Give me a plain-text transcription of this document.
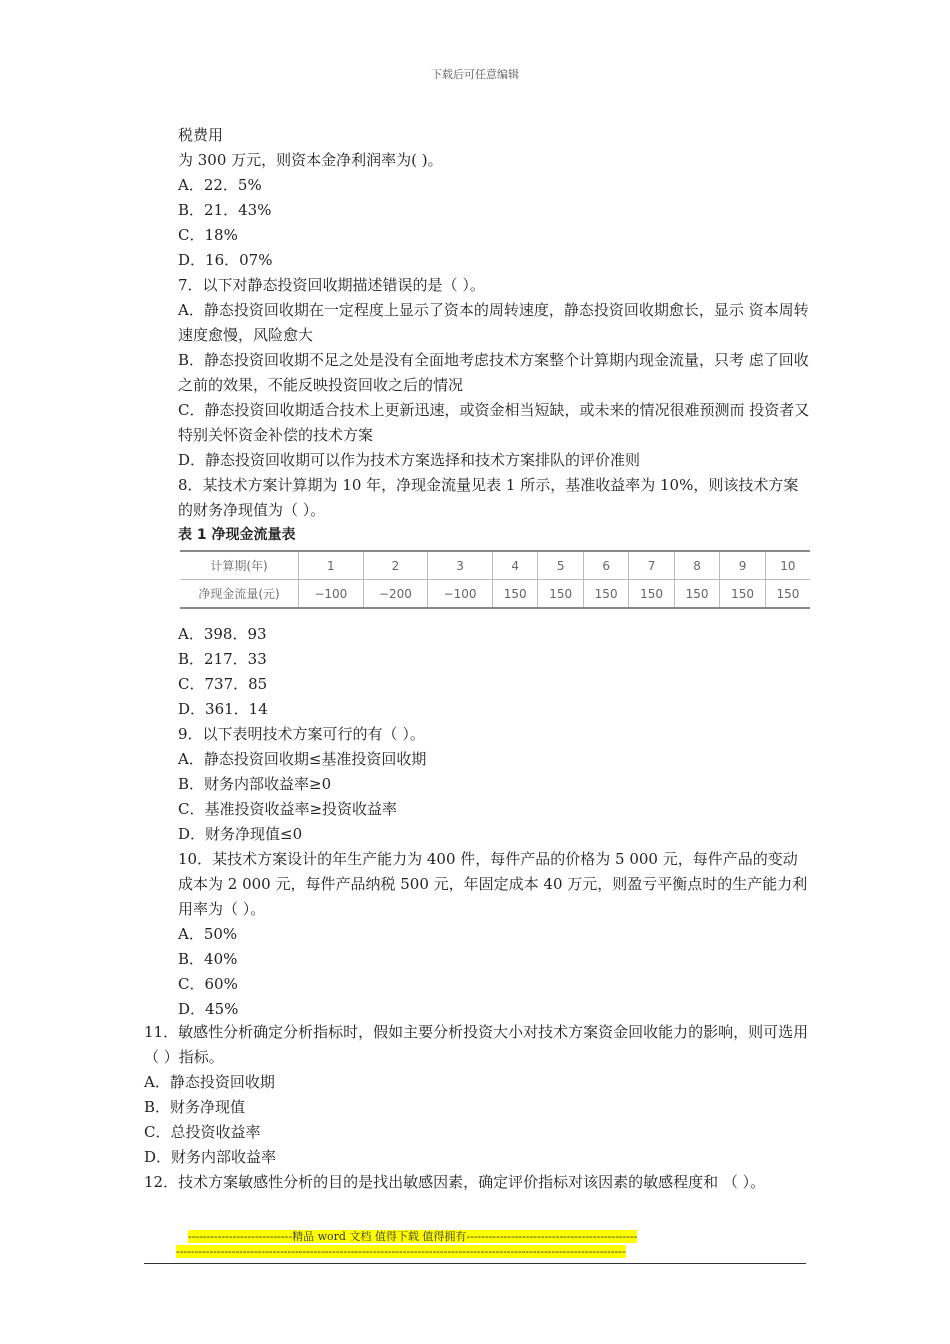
下载后可任意编辑
税费用
为 300 万元，则资本金净利润率为( )。
A．22．5%
B．21．43%
C．18%
D．16．07%
7．以下对静态投资回收期描述错误的是（ ）。
A．静态投资回收期在一定程度上显示了资本的周转速度，静态投资回收期愈长，显示 资本周转速度愈慢，风险愈大
B．静态投资回收期不足之处是没有全面地考虑技术方案整个计算期内现金流量，只考 虑了回收之前的效果，不能反映投资回收之后的情况
C．静态投资回收期适合技术上更新迅速，或资金相当短缺，或未来的情况很难预测而 投资者又特别关怀资金补偿的技术方案
D．静态投资回收期可以作为技术方案选择和技术方案排队的评价准则
8．某技术方案计算期为 10 年，净现金流量见表 1 所示，基准收益率为 10%，则该技术方案的财务净现值为（ ）。
表 1 净现金流量表
计算期(年)	1	2	3	4	5	6	7	8	9	10
净现金流量(元)	−100	−200	−100	150	150	150	150	150	150	150
A．398．93
B．217．33
C．737．85
D．361．14
9．以下表明技术方案可行的有（ ）。
A．静态投资回收期≤基准投资回收期
B．财务内部收益率≥0
C．基准投资收益率≥投资收益率
D．财务净现值≤0
10．某技术方案设计的年生产能力为 400 件，每件产品的价格为 5 000 元，每件产品的变动成本为 2 000 元，每件产品纳税 500 元，年固定成本 40 万元，则盈亏平衡点时的生产能力利用率为（ ）。
A．50%
B．40%
C．60%
D．45%
11．敏感性分析确定分析指标时，假如主要分析投资大小对技术方案资金回收能力的影响，则可选用（ ）指标。
A．静态投资回收期
B．财务净现值
C．总投资收益率
D．财务内部收益率
12．技术方案敏感性分析的目的是找出敏感因素，确定评价指标对该因素的敏感程度和 （ ）。
----------------------------精品 word 文档 值得下载 值得拥有----------------------------------------------
-------------------------------------------------------------------------------------------------------------------------
